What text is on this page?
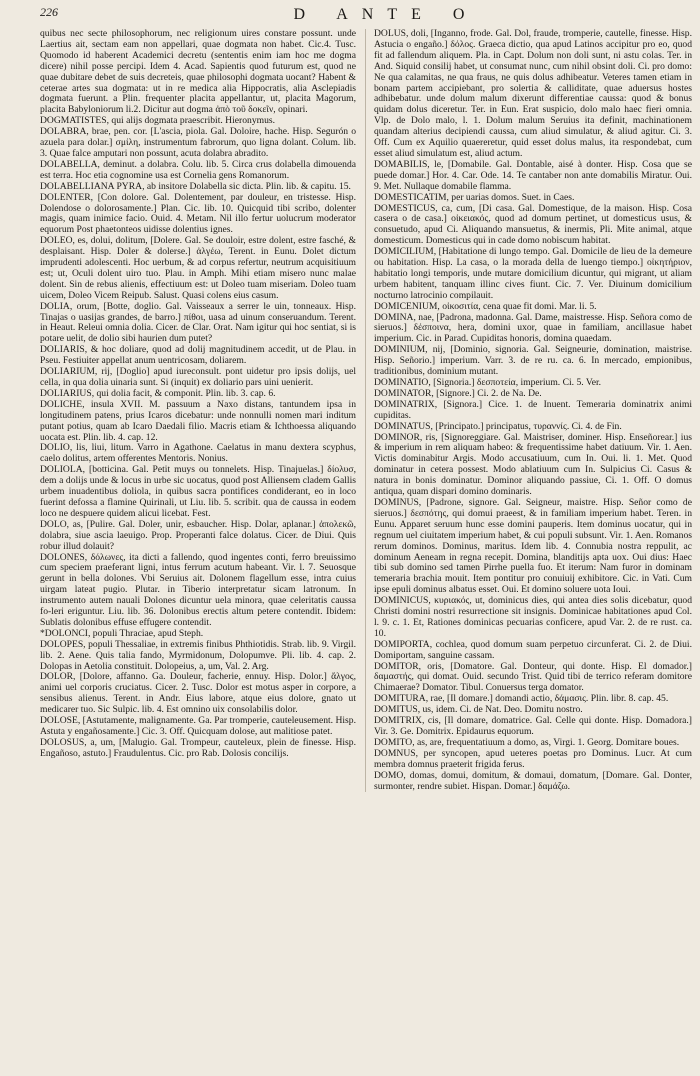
226	D ANTE O

quibus nec secte philosophorum, nec religionum uires constare possunt. unde Laertius ait, sectam eam non appellari, quae dogmata non habet. Cic.4. Tusc. Quomodo id haberent Academici decretu (sententis enim iam hoc me dogma dicere) nihil posse percipi. Idem 4. Acad. Sapientis quod futurum est, quod ne quae dubitare debet de suis decreteis, quae philosophi dogmata uocant? Habent & ceterae artes sua dogmata: ut in re medica alia Hippocratis, alia Asclepiadis dogmata fuerunt. a Plin. frequenter placita appellantur, ut, placita Magorum, placita Babyloniorum li.2. Dicitur aut dogma ἀπὸ τοῦ δοκεῖν, opinari.

DOGMATISTES, qui alijs dogmata praescribit. Hieronymus.

DOLABRA, brae, pen. cor. [L'ascia, piola. Gal. Doloire, hache. Hisp. Segurón o azuela para dolar.] σμίλη, instrumentum fabrorum, quo ligna dolant. Colum. lib. 3. Quae falce amputari non possunt, acuta dolabra abradito.

DOLABELLA, deminut. a dolabra. Colu. lib. 5. Circa crus dolabella dimouenda est terra. Hoc etia cognomine usa est Cornelia gens Romanorum.

DOLABELLIANA PYRA, ab insitore Dolabella sic dicta. Plin. lib. & capitu. 15.

DOLENTER, [Con dolore. Gal. Dolentement, par douleur, en tristesse. Hisp. Dolendose o dolorosamente.] Plan. Cic. lib. 10. Quicquid tibi scribo, dolenter magis, quam inimice facio. Ouid. 4. Metam. Nil illo fertur uolucrum moderator equorum Post phaetonteos uidisse dolentius ignes.

DOLEO, es, dolui, dolitum, [Dolere. Gal. Se douloir, estre dolent, estre fasché, & desplaisant. Hisp. Doler & dolerse.] ἀλγέω, Terent. in Eunu. Dolet dictum imprudenti adolescenti. Hoc uerbum, & ad corpus refertur, neutrum acquisitiuum est; ut, Oculi dolent uiro tuo. Plau. in Amph. Mihi etiam misero nunc malae dolent. Sin de rebus alienis, effectiuum est: ut Doleo tuam miseriam. Doleo tuam uicem, Doleo Vicem Reipub. Salust. Quasi colens eius casum.

DOLIA, orum, [Botte, doglio. Gal. Vaisseaux a serrer le uin, tonneaux. Hisp. Tinajas o uasijas grandes, de barro.] πίθοι, uasa ad uinum conseruandum. Terent. in Heaut. Releui omnia dolia. Cicer. de Clar. Orat. Nam igitur qui hoc sentiat, si is potare uelit, de dolio sibi haurien dum putet?

DOLIARIS, & hoc doliare, quod ad dolij magnitudinem accedit, ut de Plau. in Pseu. Festiuiter appellat anum uentricosam, doliarem.

DOLIARIUM, rij, [Doglio] apud iureconsult. pont uidetur pro ipsis dolijs, uel cella, in qua dolia uinaria sunt. Si (inquit) ex doliario pars uini uenierit.

DOLIARIUS, qui dolia facit, & componit. Plin. lib. 3. cap. 6.

DOLICHE, insula XVII. M. passuum a Naxo distans, tantundem ipsa in longitudinem patens, prius Icaros dicebatur: unde nonnulli nomen mari inditum putant potius, quam ab Icaro Daedali filio. Macris etiam & Ichthoessa aliquando uocata est. Plin. lib. 4. cap. 12.

DOLIO, lis, liui, litum. Varro in Agathone. Caelatus in manu dextera scyphus, caelo dolitus, artem offerentes Mentoris. Nonius.

DOLIOLA, [botticina. Gal. Petit muys ou tonnelets. Hisp. Tinajuelas.] δίολυσ, dem a dolijs unde & locus in urbe sic uocatus, quod post Alliensem cladem Gallis urbem inuadentibus doliola, in quibus sacra pontifices condiderant, eo in loco fuerint defossa a flamine Quirinali, ut Liu. lib. 5. scribit. qua de caussa in eodem loco ne despuere quidem alicui licebat. Fest.

DOLO, as, [Pulire. Gal. Doler, unir, esbaucher. Hisp. Dolar, aplanar.] ἀπολεκῶ, dolabra, siue ascia laeuigo. Prop. Properanti falce dolatus. Cicer. de Diui. Quis robur illud dolauit?

DOLONES, δόλωνες, ita dicti a fallendo, quod ingentes conti, ferro breuissimo cum speciem praeferant ligni, intus ferrum acutum habeant. Vir. l. 7. Seuosque gerunt in bella dolones. Vbi Seruius ait. Dolonem flagellum esse, intra cuius uirgam lateat pugio. Plutar. in Tiberio interpretatur sicam latronum. In instrumento autem nauali Dolones dicuntur uela minora, quae celeritatis caussa fo-leri eriguntur. Liu. lib. 36. Dolonibus erectis altum petere contendit. Ibidem: Sublatis dolonibus effuse effugere contendit.

*DOLONCI, populi Thraciae, apud Steph.

DOLOPES, populi Thessaliae, in extremis finibus Phthiotidis. Strab. lib. 9. Virgil. lib. 2. Aene. Quis talia fando, Myrmidonum, Dolopumve. Pli. lib. 4. cap. 2. Dolopas in Aetolia constituit. Dolopeius, a, um, Val. 2. Arg.

DOLOR, [Dolore, affanno. Ga. Douleur, facherie, ennuy. Hisp. Dolor.] ἄλγος, animi uel corporis cruciatus. Cicer. 2. Tusc. Dolor est motus asper in corpore, a sensibus alienus. Terent. in Andr. Eius labore, atque eius dolore, gnato ut medicarer tuo. Sic Sulpic. lib. 4. Est omnino uix consolabilis dolor.

DOLOSE, [Astutamente, malignamente. Ga. Par tromperie, cauteleusement. Hisp. Astuta y engañosamente.] Cic. 3. Off. Quicquam dolose, aut malitiose patet.

DOLOSUS, a, um, [Malugio. Gal. Trompeur, cauteleux, plein de finesse. Hisp. Engañoso, astuto.] Fraudulentus. Cic. pro Rab. Dolosis concilijs.

DOLUS, doli, [Inganno, frode. Gal. Dol, fraude, tromperie, cautelle, finesse. Hisp. Astucia o engaño.] δόλος. Graeca dictio, qua apud Latinos accipitur pro eo, quod fit ad fallendum aliquem. Pla. in Capt. Dolum non doli sunt, ni astu colas. Ter. in And. Siquid consilij habet, ut consumat nunc, cum nihil obsint doli. Ci. pro domo: Ne qua calamitas, ne qua fraus, ne quis dolus adhibeatur. Veteres tamen etiam in bonam partem accipiebant, pro solertia & calliditate, quae aduersus hostes adhibebatur. unde dolum malum dixerunt differentiae caussa: quod & bonus quidam dolus diceretur. Ter. in Eun. Erat suspicio, dolo malo haec fieri omnia. Vlp. de Dolo malo, l. 1. Dolum malum Seruius ita definit, machinationem quandam alterius decipiendi caussa, cum aliud simulatur, & aliud agitur. Ci. 3. Off. Cum ex Aquilio quaereretur, quid esset dolus malus, ita respondebat, cum esset aliud simulatum est, aliud actum.

DOMABILIS, le, [Domabile. Gal. Dontable, aisé à donter. Hisp. Cosa que se puede domar.] Hor. 4. Car. Ode. 14. Te cantaber non ante domabilis Miratur. Oui. 9. Met. Nullaque domabile flamma.

DOMESTICATIM, per uarias domos. Suet. in Caes.

DOMESTICUS, ca, cum, [Di casa. Gal. Domestique, de la maison. Hisp. Cosa casera o de casa.] οἰκειακός, quod ad domum pertinet, ut domesticus usus, & consuetudo, apud Ci. Aliquando mansuetus, & inermis, Pli. Mite animal, atque domesticum. Domesticus qui in cade domo nobiscum habitat.

DOMICILIUM, [Habitatione di lungo tempo. Gal. Domicile de lieu de la demeure ou habitation. Hisp. La casa, o la morada della de luengo tiempo.] οἰκητήριον, habitatio longi temporis, unde mutare domicilium dicuntur, qui migrant, ut aliam urbem habitent, tanquam illinc cives fiunt. Cic. 7. Ver. Diuinum domicilium nocturno latrocinio compilauit.

DOMICENIUM, οἰκοσιτία, cena quae fit domi. Mar. li. 5.

DOMINA, nae, [Padrona, madonna. Gal. Dame, maistresse. Hisp. Señora como de sieruos.] δέσποινα, hera, domini uxor, quae in familiam, ancillasue habet imperium. Cic. in Parad. Cupiditas honoris, domina quaedam.

DOMINIUM, nij, [Dominio, signoria. Gal. Seigneurie, domination, maistrise. Hisp. Señorio.] imperium. Varr. 3. de re ru. ca. 6. In mercado, empionibus, traditionibus, dominium mutant.

DOMINATIO, [Signoria.] δεσποτεία, imperium. Ci. 5. Ver.

DOMINATOR, [Signore.] Ci. 2. de Na. De.

DOMINATRIX, [Signora.] Cice. 1. de Inuent. Temeraria dominatrix animi cupiditas.

DOMINATUS, [Principato.] principatus, τυραννίς. Ci. 4. de Fin.

DOMINOR, ris, [Signoreggiare. Gal. Maistriser, dominer. Hisp. Enseñorear.] ius & imperium in rem aliquam habeo: & frequentissime habet datiuum. Vir. 1. Aen. Victis dominabitur Argis. Modo accusatiuum, cum In. Oui. li. 1. Met. Quod dominatur in cetera possest. Modo ablatiuum cum In. Sulpicius Ci. Casus & natura in bonis dominatur. Dominor aliquando passiue, Ci. 1. Off. O domus antiqua, quam dispari domino dominaris.

DOMINUS, [Padrone, signore. Gal. Seigneur, maistre. Hisp. Señor como de sieruos.] δεσπότης, qui domui praeest, & in familiam imperium habet. Teren. in Eunu. Apparet seruum hunc esse domini pauperis. Item dominus uocatur, qui in regnum uel ciuitatem imperium habet, & cui populi subsunt. Vir. 1. Aen. Romanos rerum dominos. Dominus, maritus. Idem lib. 4. Connubia nostra reppulit, ac dominum Aeneam in regna recepit. Domina, blanditijs apta uox. Oui dius: Haec tibi sub domino sed tamen Pirrhe puella fuo. Et iterum: Nam furor in dominam temeraria brachia mouit. Item pontitur pro conuiuij exhibitore. Cic. in Vati. Cum ipse epuli dominus albatus esset. Oui. Et domino soluere uota Ioui.

DOMINICUS, κυριακός, ut, dominicus dies, qui antea dies solis dicebatur, quod Christi domini nostri resurrectione sit insignis. Dominicae habitationes apud Col. l. 9. c. 1. Et, Rationes dominicas pecuarias conficere, apud Var. 2. de re rust. ca. 10.

DOMIPORTA, cochlea, quod domum suam perpetuo circunferat. Ci. 2. de Diui. Domiportam, sanguine cassam.

DOMITOR, oris, [Domatore. Gal. Donteur, qui donte. Hisp. El domador.] δαμαστής, qui domat. Ouid. secundo Trist. Quid tibi de terrico referam domitore Chimaerae? Domator. Tibul. Conuersus terga domator.

DOMITURA, rae, [Il domare.] domandi actio, δάμασις. Plin. libr. 8. cap. 45.

DOMITUS, us, idem. Ci. de Nat. Deo. Domitu nostro.

DOMITRIX, cis, [Il domare, domatrice. Gal. Celle qui donte. Hisp. Domadora.] Vir. 3. Ge. Domitrix. Epidaurus equorum.

DOMITO, as, are, frequentatiuum a domo, as, Virgi. 1. Georg. Domitare boues.

DOMNUS, per syncopen, apud ueteres poetas pro Dominus. Lucr. At cum membra domnus praeterit frigida ferus.

DOMO, domas, domui, domitum, & domaui, domatum, [Domare. Gal. Donter, surmonter, rendre subiet. Hispan. Domar.] δαμάζω.
